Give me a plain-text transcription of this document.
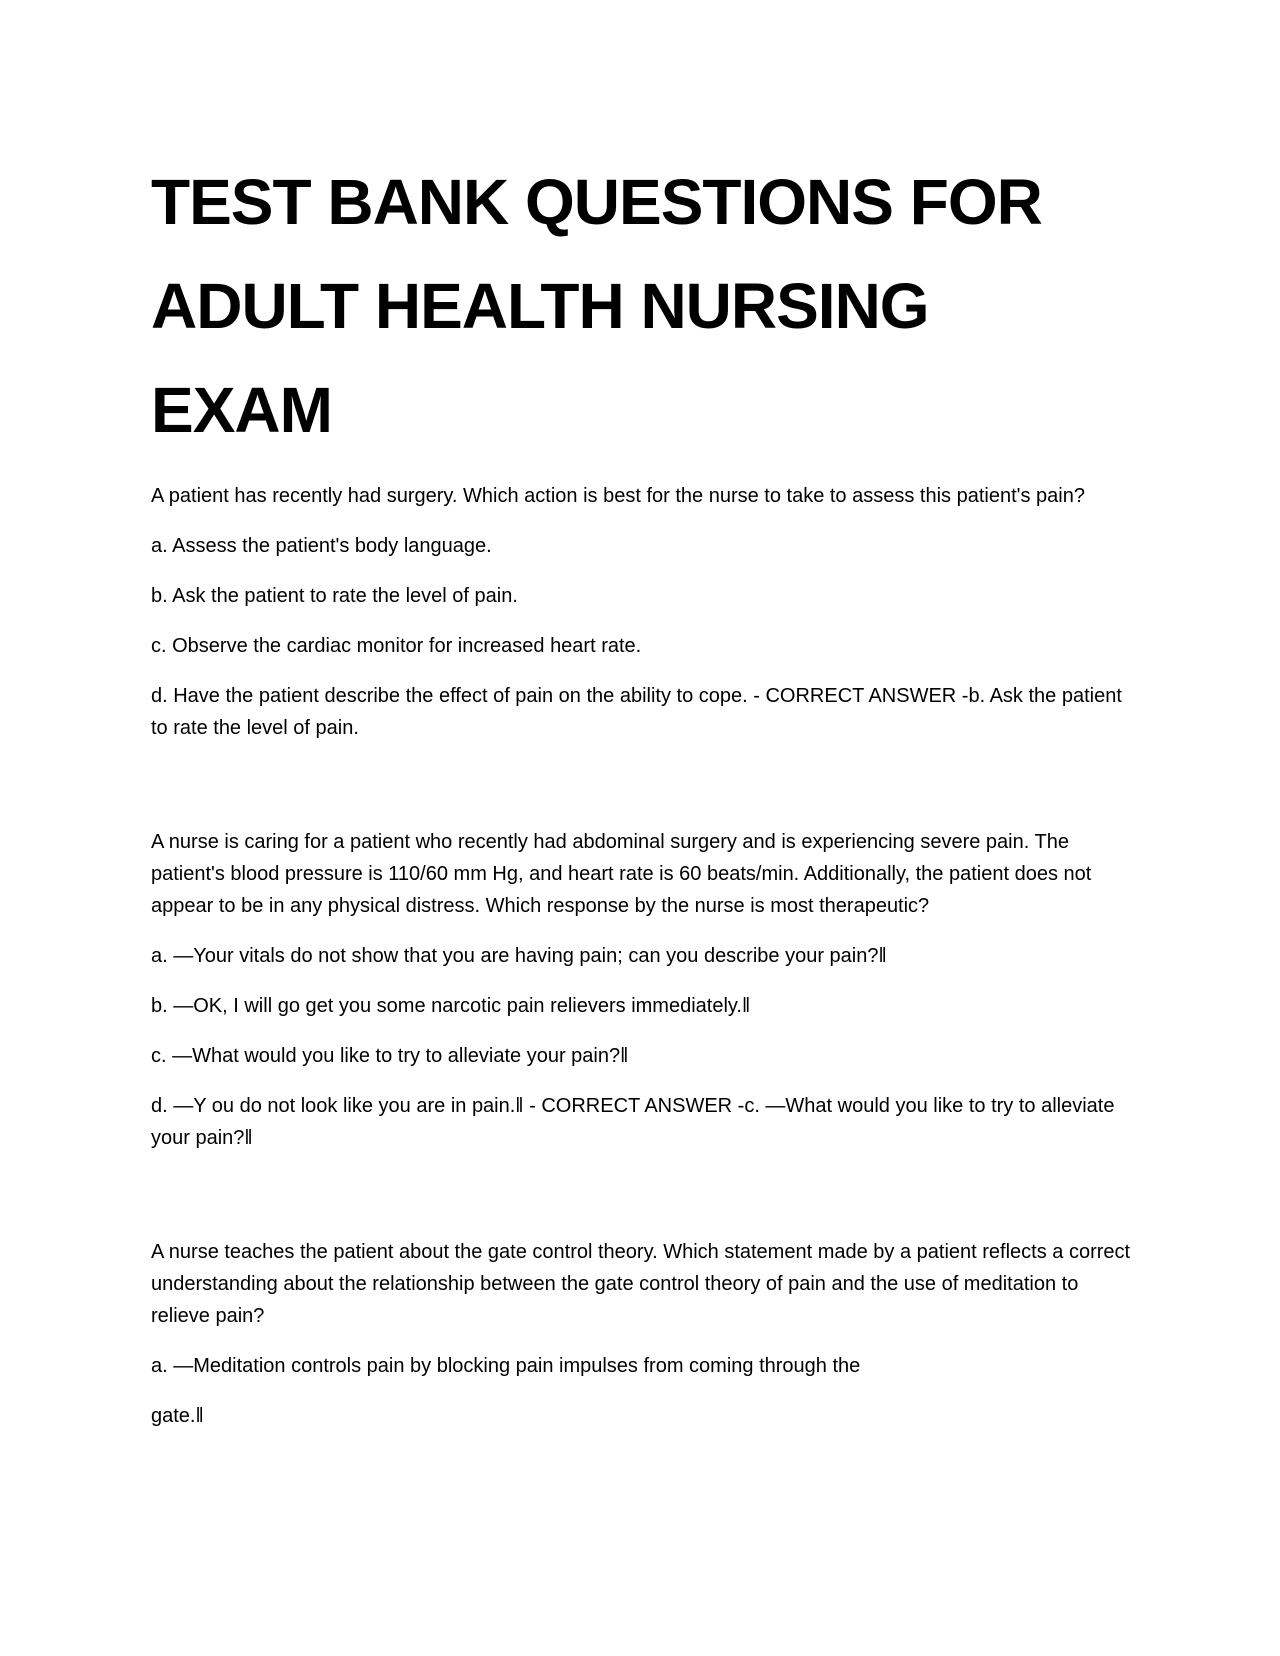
TEST BANK QUESTIONS FOR
ADULT HEALTH NURSING
EXAM

A patient has recently had surgery. Which action is best for the nurse to take to assess this patient's pain?

a. Assess the patient's body language.

b. Ask the patient to rate the level of pain.

c. Observe the cardiac monitor for increased heart rate.

d. Have the patient describe the effect of pain on the ability to cope. - CORRECT ANSWER -b. Ask the patient to rate the level of pain.

A nurse is caring for a patient who recently had abdominal surgery and is experiencing severe pain. The patient's blood pressure is 110/60 mm Hg, and heart rate is 60 beats/min. Additionally, the patient does not appear to be in any physical distress. Which response by the nurse is most therapeutic?

a. ―Your vitals do not show that you are having pain; can you describe your pain?‖

b. ―OK, I will go get you some narcotic pain relievers immediately.‖

c. ―What would you like to try to alleviate your pain?‖

d. ―Y ou do not look like you are in pain.‖ - CORRECT ANSWER -c. ―What would you like to try to alleviate your pain?‖

A nurse teaches the patient about the gate control theory. Which statement made by a patient reflects a correct understanding about the relationship between the gate control theory of pain and the use of meditation to relieve pain?

a. ―Meditation controls pain by blocking pain impulses from coming through the

gate.‖
